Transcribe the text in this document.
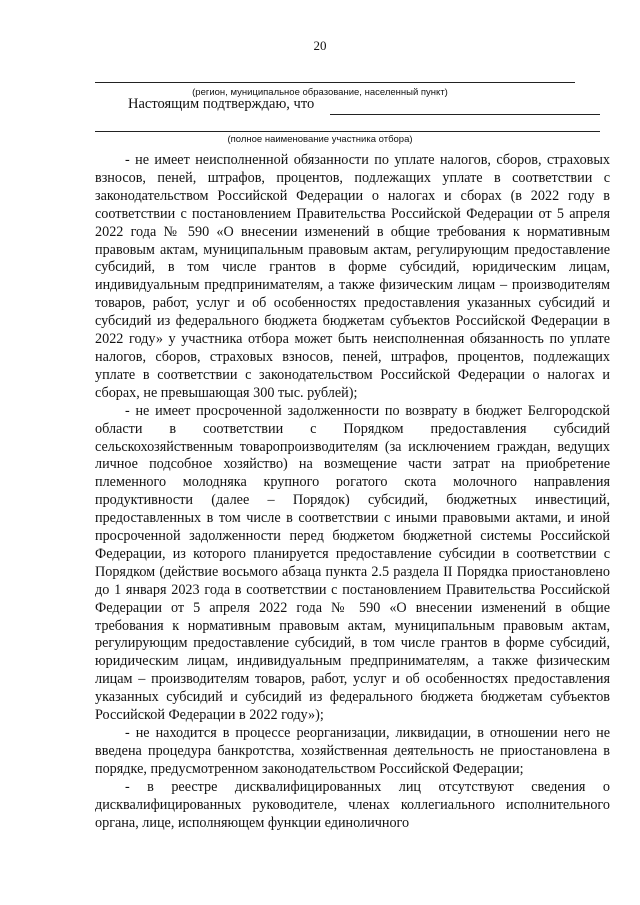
20
(регион, муниципальное образование, населенный пункт)
Настоящим подтверждаю, что
(полное наименование участника отбора)

- не имеет неисполненной обязанности по уплате налогов, сборов, страховых взносов, пеней, штрафов, процентов, подлежащих уплате в соответствии с законодательством Российской Федерации о налогах и сборах (в 2022 году в соответствии с постановлением Правительства Российской Федерации от 5 апреля 2022 года № 590 «О внесении изменений в общие требования к нормативным правовым актам, муниципальным правовым актам, регулирующим предоставление субсидий, в том числе грантов в форме субсидий, юридическим лицам, индивидуальным предпринимателям, а также физическим лицам – производителям товаров, работ, услуг и об особенностях предоставления указанных субсидий и субсидий из федерального бюджета бюджетам субъектов Российской Федерации в 2022 году» у участника отбора может быть неисполненная обязанность по уплате налогов, сборов, страховых взносов, пеней, штрафов, процентов, подлежащих уплате в соответствии с законодательством Российской Федерации о налогах и сборах, не превышающая 300 тыс. рублей);

- не имеет просроченной задолженности по возврату в бюджет Белгородской области в соответствии с Порядком предоставления субсидий сельскохозяйственным товаропроизводителям (за исключением граждан, ведущих личное подсобное хозяйство) на возмещение части затрат на приобретение племенного молодняка крупного рогатого скота молочного направления продуктивности (далее – Порядок) субсидий, бюджетных инвестиций, предоставленных в том числе в соответствии с иными правовыми актами, и иной просроченной задолженности перед бюджетом бюджетной системы Российской Федерации, из которого планируется предоставление субсидии в соответствии с Порядком (действие восьмого абзаца пункта 2.5 раздела II Порядка приостановлено до 1 января 2023 года в соответствии с постановлением Правительства Российской Федерации от 5 апреля 2022 года № 590 «О внесении изменений в общие требования к нормативным правовым актам, муниципальным правовым актам, регулирующим предоставление субсидий, в том числе грантов в форме субсидий, юридическим лицам, индивидуальным предпринимателям, а также физическим лицам – производителям товаров, работ, услуг и об особенностях предоставления указанных субсидий и субсидий из федерального бюджета бюджетам субъектов Российской Федерации в 2022 году»);

- не находится в процессе реорганизации, ликвидации, в отношении него не введена процедура банкротства, хозяйственная деятельность не приостановлена в порядке, предусмотренном законодательством Российской Федерации;

- в реестре дисквалифицированных лиц отсутствуют сведения о дисквалифицированных руководителе, членах коллегиального исполнительного органа, лице, исполняющем функции единоличного
